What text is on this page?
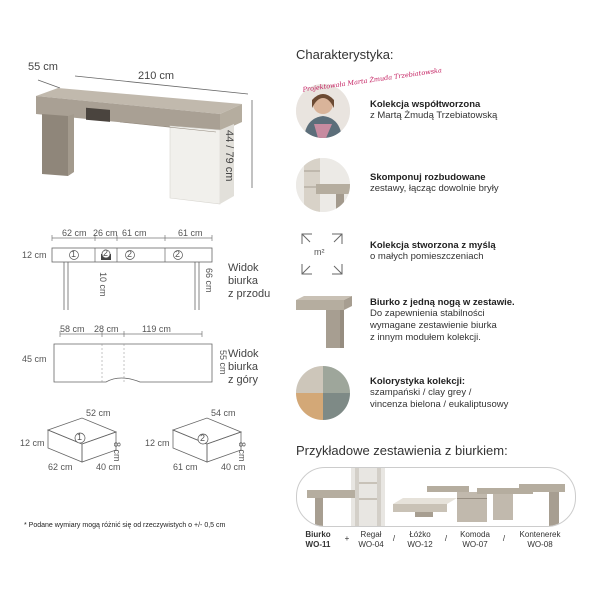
55 cm
210 cm
44 / 79 cm
62 cm 26 cm 61 cm	61 cm
12 cm
10 cm	66 cm
1	2	2
2
Widok
biurka
z przodu
58 cm 28 cm	119 cm
45 cm	55 cm Widok
biurka
z góry
1
52 cm
12 cm	8 cm
62 cm	40 cm
2
54 cm
12 cm	8 cm
61 cm	40 cm
* Podane wymiary mogą różnić się od rzeczywistych o +/- 0,5 cm
Charakterystyka:
Projektowała Marta Żmuda Trzebiatowska
Kolekcja współtworzona
z Martą Żmudą Trzebiatowską
Skomponuj rozbudowane
zestawy, łącząc dowolnie bryły
m²
Kolekcja stworzona z myślą
o małych pomieszczeniach
Biurko z jedną nogą w zestawie.
Do zapewnienia stabilności
wymagane zestawienie biurka
z innym modułem kolekcji.
Kolorystyka kolekcji:
szampański / clay grey /
vincenza bielona / eukaliptusowy
Przykładowe zestawienia z biurkiem:
Biurko
WO-11
+	Regał
WO-04
/	Łóżko
WO-12
/	Komoda
WO-07
/	Kontenerek
WO-08
